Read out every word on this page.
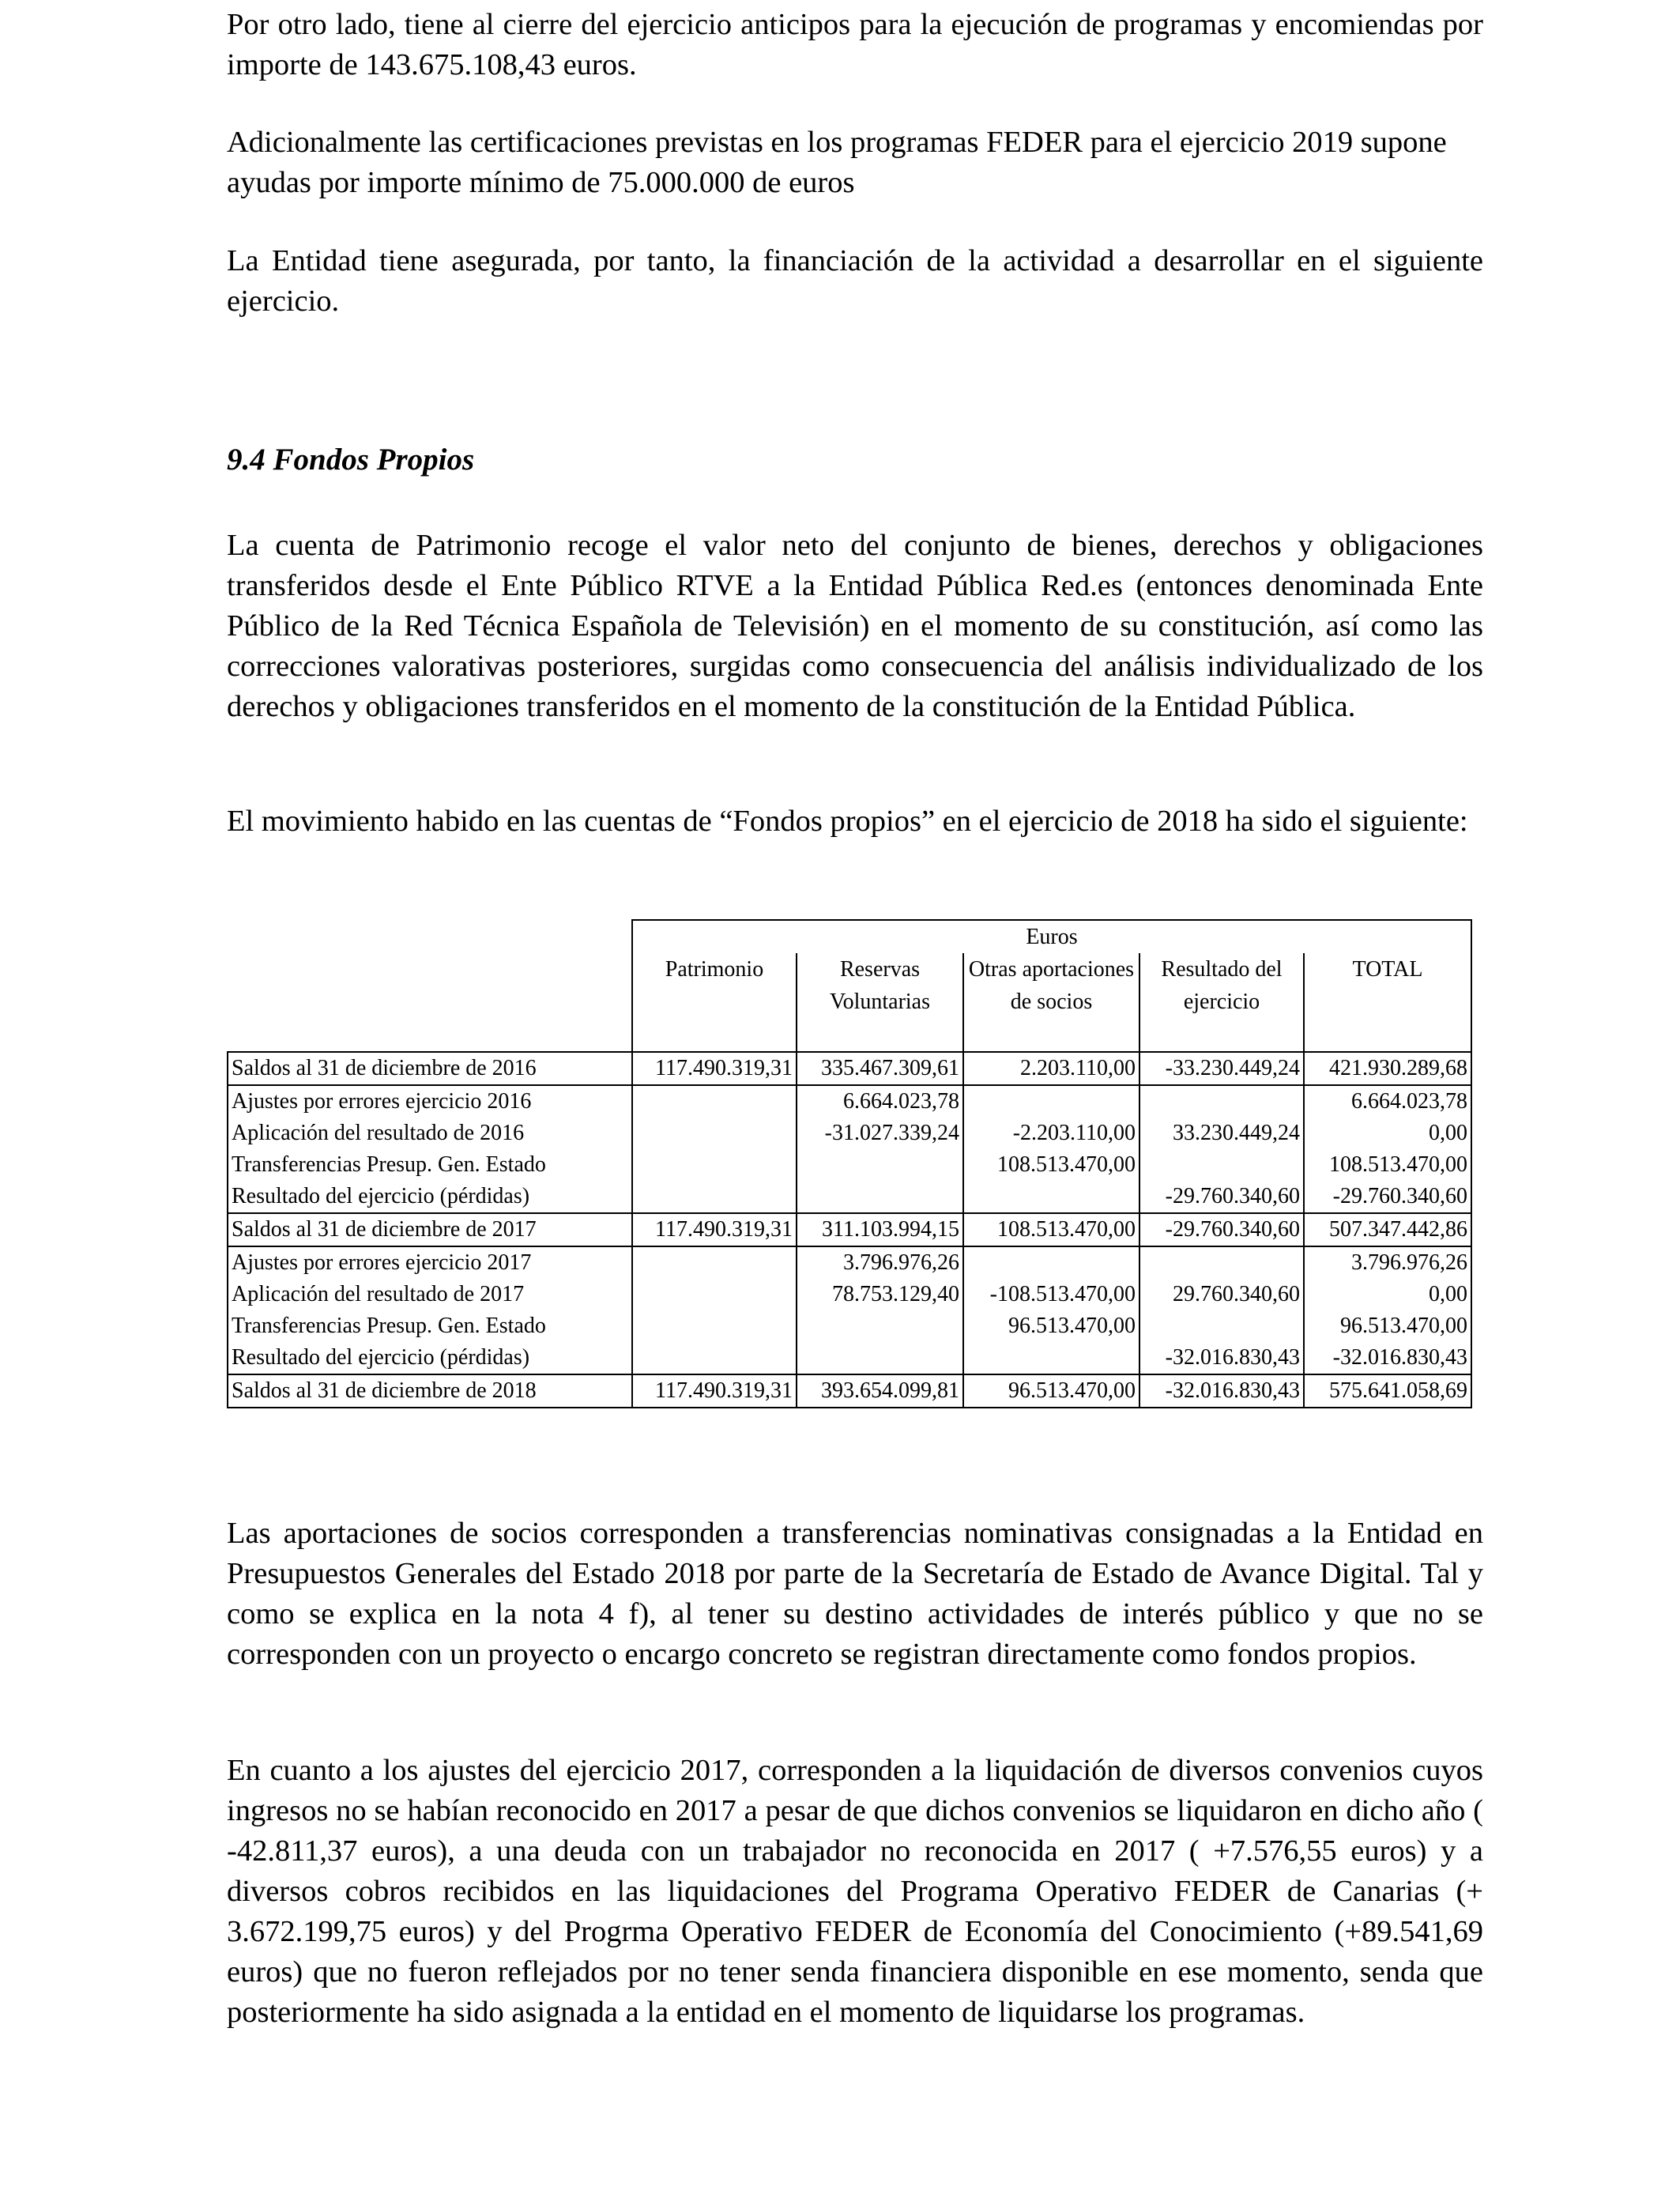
Por otro lado, tiene al cierre del ejercicio anticipos para la ejecución de programas y encomiendas por importe de 143.675.108,43 euros.

Adicionalmente las certificaciones previstas en los programas FEDER para el ejercicio 2019 supone ayudas por importe mínimo de 75.000.000 de euros

La Entidad tiene asegurada, por tanto, la financiación de la actividad a desarrollar en el siguiente ejercicio.

9.4 Fondos Propios

La cuenta de Patrimonio recoge el valor neto del conjunto de bienes, derechos y obligaciones transferidos desde el Ente Público RTVE a la Entidad Pública Red.es (entonces denominada Ente Público de la Red Técnica Española de Televisión) en el momento de su constitución, así como las correcciones valorativas posteriores, surgidas como consecuencia del análisis individualizado de los derechos y obligaciones transferidos en el momento de la constitución de la Entidad Pública.

El movimiento habido en las cuentas de “Fondos propios” en el ejercicio de 2018 ha sido el siguiente:

Las aportaciones de socios corresponden a transferencias nominativas consignadas a la Entidad en Presupuestos Generales del Estado 2018 por parte de la Secretaría de Estado de Avance Digital. Tal y como se explica en la nota 4 f), al tener su destino actividades de interés público y que no se corresponden con un proyecto o encargo concreto se registran directamente como fondos propios.

En cuanto a los ajustes del ejercicio 2017, corresponden a la liquidación de diversos convenios cuyos ingresos no se habían reconocido en 2017 a pesar de que dichos convenios se liquidaron en dicho año ( -42.811,37 euros), a una deuda con un trabajador no reconocida en 2017 ( +7.576,55 euros) y a diversos cobros recibidos en las liquidaciones del Programa Operativo FEDER de Canarias (+ 3.672.199,75 euros) y del Progrma Operativo FEDER de Economía del Conocimiento (+89.541,69 euros) que no fueron reflejados por no tener senda financiera disponible en ese momento, senda que posteriormente ha sido asignada a la entidad en el momento de liquidarse los programas.

	Euros				
	Patrimonio	Reservas Voluntarias	Otras aportaciones de socios	Resultado del ejercicio	TOTAL
Saldos al 31 de diciembre de 2016	117.490.319,31	335.467.309,61	2.203.110,00	-33.230.449,24	421.930.289,68
Ajustes por errores ejercicio 2016		6.664.023,78			6.664.023,78
Aplicación del resultado de 2016		-31.027.339,24	-2.203.110,00	33.230.449,24	0,00
Transferencias Presup. Gen. Estado			108.513.470,00		108.513.470,00
Resultado del ejercicio (pérdidas)				-29.760.340,60	-29.760.340,60
Saldos al 31 de diciembre de 2017	117.490.319,31	311.103.994,15	108.513.470,00	-29.760.340,60	507.347.442,86
Ajustes por errores ejercicio 2017		3.796.976,26			3.796.976,26
Aplicación del resultado de 2017		78.753.129,40	-108.513.470,00	29.760.340,60	0,00
Transferencias Presup. Gen. Estado			96.513.470,00		96.513.470,00
Resultado del ejercicio (pérdidas)				-32.016.830,43	-32.016.830,43
Saldos al 31 de diciembre de 2018	117.490.319,31	393.654.099,81	96.513.470,00	-32.016.830,43	575.641.058,69
